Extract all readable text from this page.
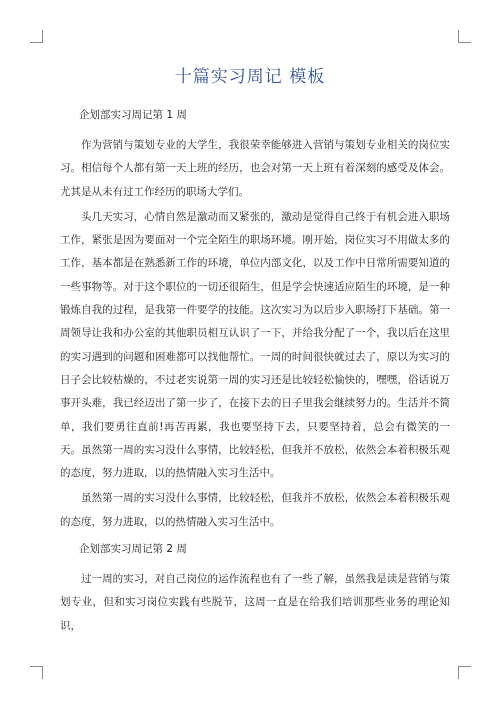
十篇实习周记 模板
企划部实习周记第 1 周

作为营销与策划专业的大学生，我很荣幸能够进入营销与策划专业相关的岗位实习。相信每个人都有第一天上班的经历，也会对第一天上班有着深刻的感受及体会。尤其是从未有过工作经历的职场大学们。

头几天实习，心情自然是激动而又紧张的，激动是觉得自己终于有机会进入职场工作，紧张是因为要面对一个完全陌生的职场环境。刚开始，岗位实习不用做太多的工作，基本都是在熟悉新工作的环境，单位内部文化，以及工作中日常所需要知道的一些事物等。对于这个职位的一切还很陌生，但是学会快速适应陌生的环境，是一种锻炼自我的过程，是我第一件要学的技能。这次实习为以后步入职场打下基础。第一周领导让我和办公室的其他职员相互认识了一下，并给我分配了一个，我以后在这里的实习遇到的问题和困难都可以找他帮忙。一周的时间很快就过去了，原以为实习的日子会比较枯燥的，不过老实说第一周的实习还是比较轻松愉快的，嘿嘿，俗话说万事开头难，我已经迈出了第一步了，在接下去的日子里我会继续努力的。生活并不简单，我们要勇往直前!再苦再累，我也要坚持下去，只要坚持着，总会有微笑的一天。虽然第一周的实习没什么事情，比较轻松，但我并不放松，依然会本着积极乐观的态度，努力进取，以的热情融入实习生活中。

虽然第一周的实习没什么事情，比较轻松，但我并不放松，依然会本着积极乐观的态度，努力进取，以的热情融入实习生活中。

企划部实习周记第 2 周

过一周的实习，对自己岗位的运作流程也有了一些了解，虽然我是读是营销与策划专业，但和实习岗位实践有些脱节，这周一直是在给我们培训那些业务的理论知识，
